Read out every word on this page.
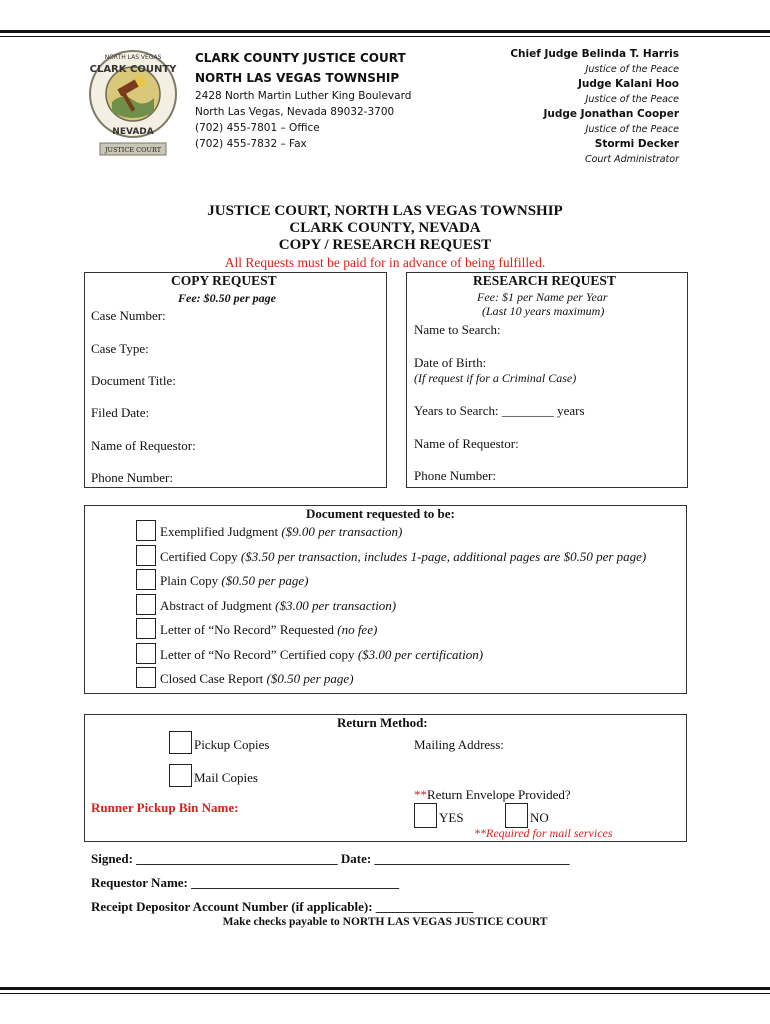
NORTH LAS VEGAS
CLARK COUNTY
NEVADA
JUSTICE COURT
CLARK COUNTY JUSTICE COURT
NORTH LAS VEGAS TOWNSHIP
2428 North Martin Luther King Boulevard
North Las Vegas, Nevada 89032-3700
(702) 455-7801 – Office
(702) 455-7832 – Fax
Chief Judge Belinda T. Harris
Justice of the Peace
Judge Kalani Hoo
Justice of the Peace
Judge Jonathan Cooper
Justice of the Peace
Stormi Decker
Court Administrator
JUSTICE COURT, NORTH LAS VEGAS TOWNSHIP
CLARK COUNTY, NEVADA
COPY / RESEARCH REQUEST
All Requests must be paid for in advance of being fulfilled.
COPY REQUEST
Fee: $0.50 per page
Case Number:
Case Type:
Document Title:
Filed Date:
Name of Requestor:
Phone Number:
RESEARCH REQUEST
Fee: $1 per Name per Year
(Last 10 years maximum)
Name to Search:
Date of Birth:
(If request if for a Criminal Case)
Years to Search: ________ years
Name of Requestor:
Phone Number:
Document requested to be:
Exemplified Judgment ($9.00 per transaction)
Certified Copy ($3.50 per transaction, includes 1-page, additional pages are $0.50 per page)
Plain Copy ($0.50 per page)
Abstract of Judgment ($3.00 per transaction)
Letter of “No Record” Requested (no fee)
Letter of “No Record” Certified copy ($3.00 per certification)
Closed Case Report ($0.50 per page)
Return Method:
Pickup Copies
Mail Copies
Runner Pickup Bin Name:
Mailing Address:
**Return Envelope Provided?
YES	NO
**Required for mail services
Signed: _______________________________ Date: ______________________________
Requestor Name: ________________________________
Receipt Depositor Account Number (if applicable): _______________
Make checks payable to NORTH LAS VEGAS JUSTICE COURT
